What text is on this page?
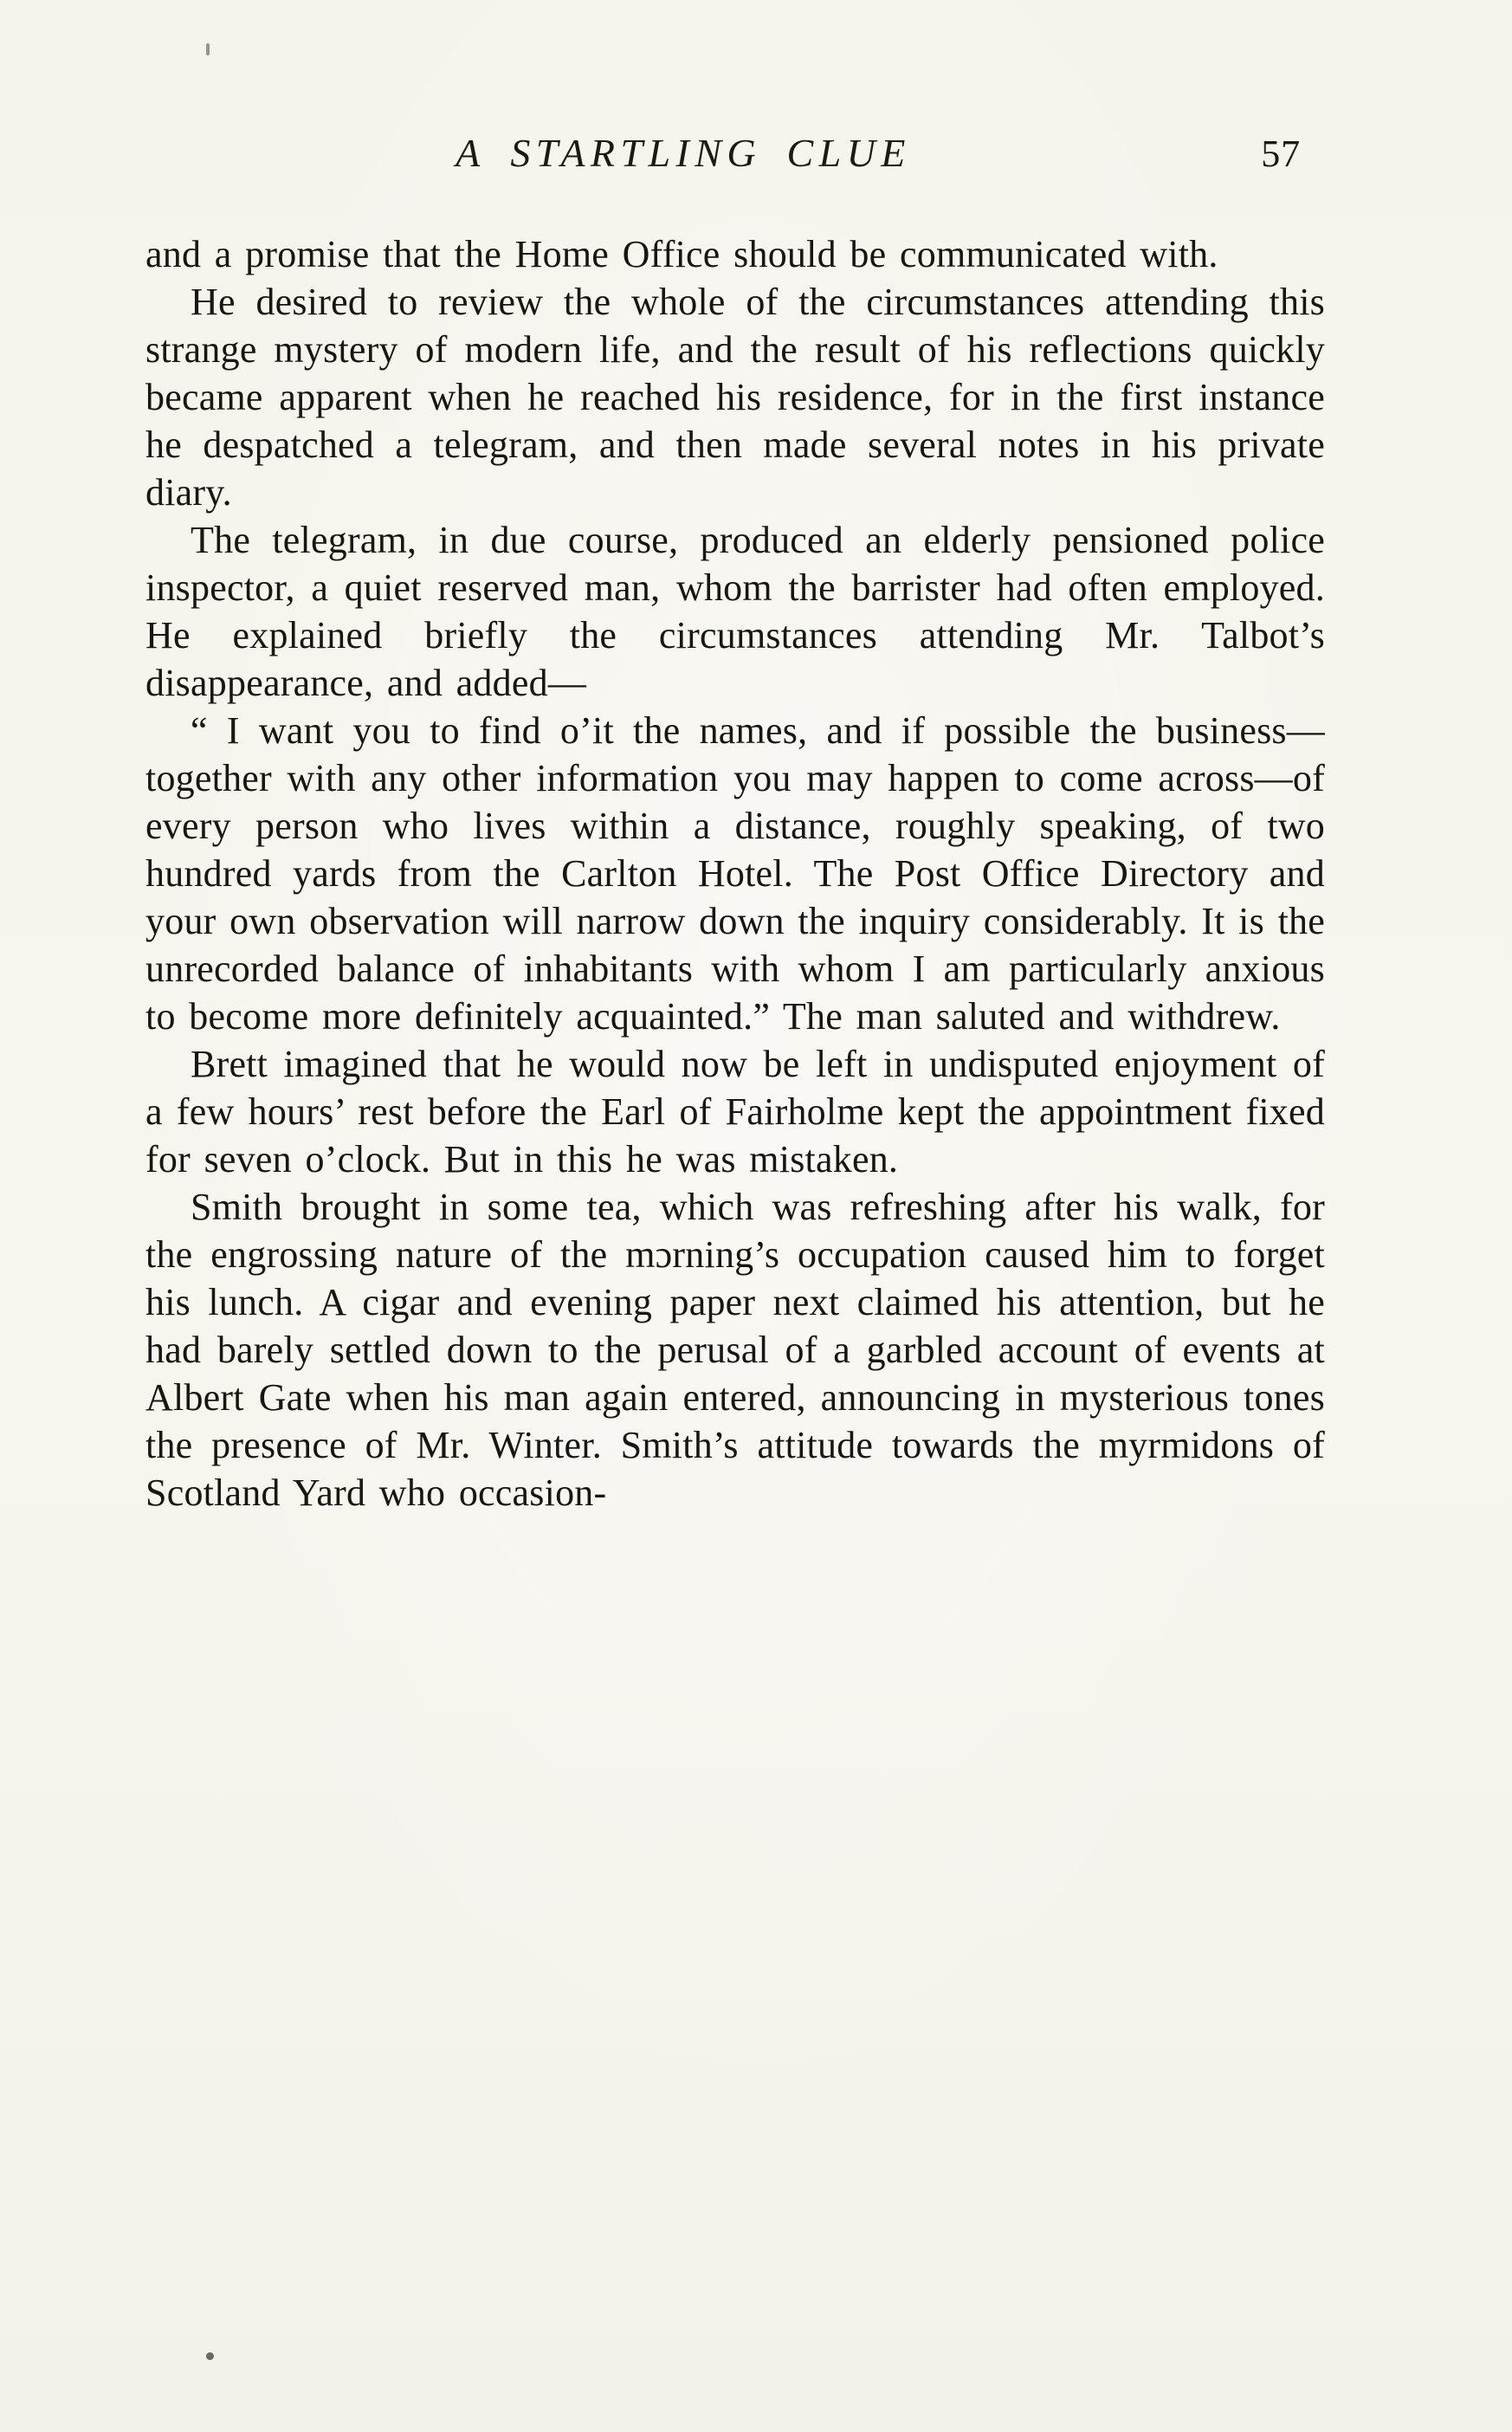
A STARTLING CLUE	57

and a promise that the Home Office should be communicated with.

He desired to review the whole of the circumstances attending this strange mystery of modern life, and the result of his reflections quickly became apparent when he reached his residence, for in the first instance he despatched a telegram, and then made several notes in his private diary.

The telegram, in due course, produced an elderly pensioned police inspector, a quiet reserved man, whom the barrister had often employed. He explained briefly the circumstances attending Mr. Talbot’s disappearance, and added—

“ I want you to find o’it the names, and if possible the business—together with any other information you may happen to come across—of every person who lives within a distance, roughly speaking, of two hundred yards from the Carlton Hotel. The Post Office Directory and your own observation will narrow down the inquiry considerably. It is the unrecorded balance of inhabitants with whom I am particularly anxious to become more definitely acquainted.” The man saluted and withdrew.

Brett imagined that he would now be left in undisputed enjoyment of a few hours’ rest before the Earl of Fairholme kept the appointment fixed for seven o’clock. But in this he was mistaken.

Smith brought in some tea, which was refreshing after his walk, for the engrossing nature of the mɔrning’s occupation caused him to forget his lunch. A cigar and evening paper next claimed his attention, but he had barely settled down to the perusal of a garbled account of events at Albert Gate when his man again entered, announcing in mysterious tones the presence of Mr. Winter. Smith’s attitude towards the myrmidons of Scotland Yard who occasion-
